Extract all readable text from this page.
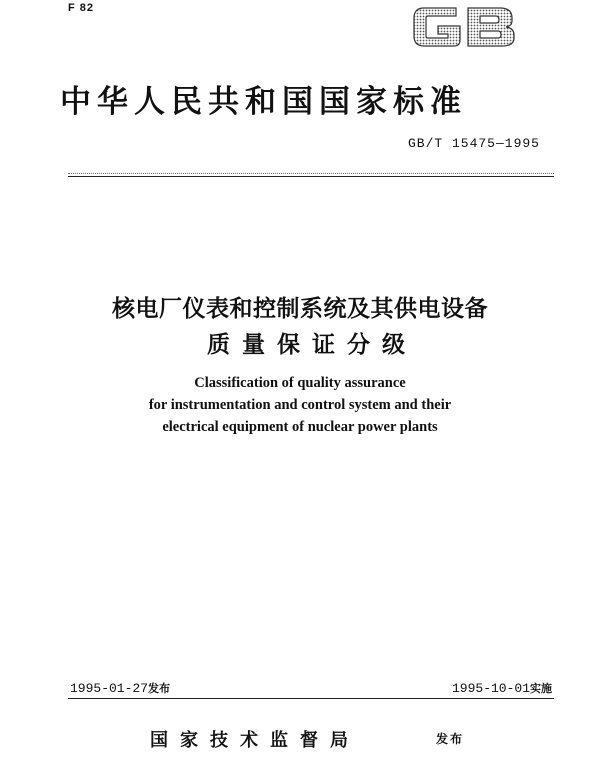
F 82
中华人民共和国国家标准
GB/T 15475—1995
核电厂仪表和控制系统及其供电设备
质量保证分级
Classification of quality assurance
for instrumentation and control system and their
electrical equipment of nuclear power plants
1995-01-27发布	1995-10-01实施
国家技术监督局	发布
